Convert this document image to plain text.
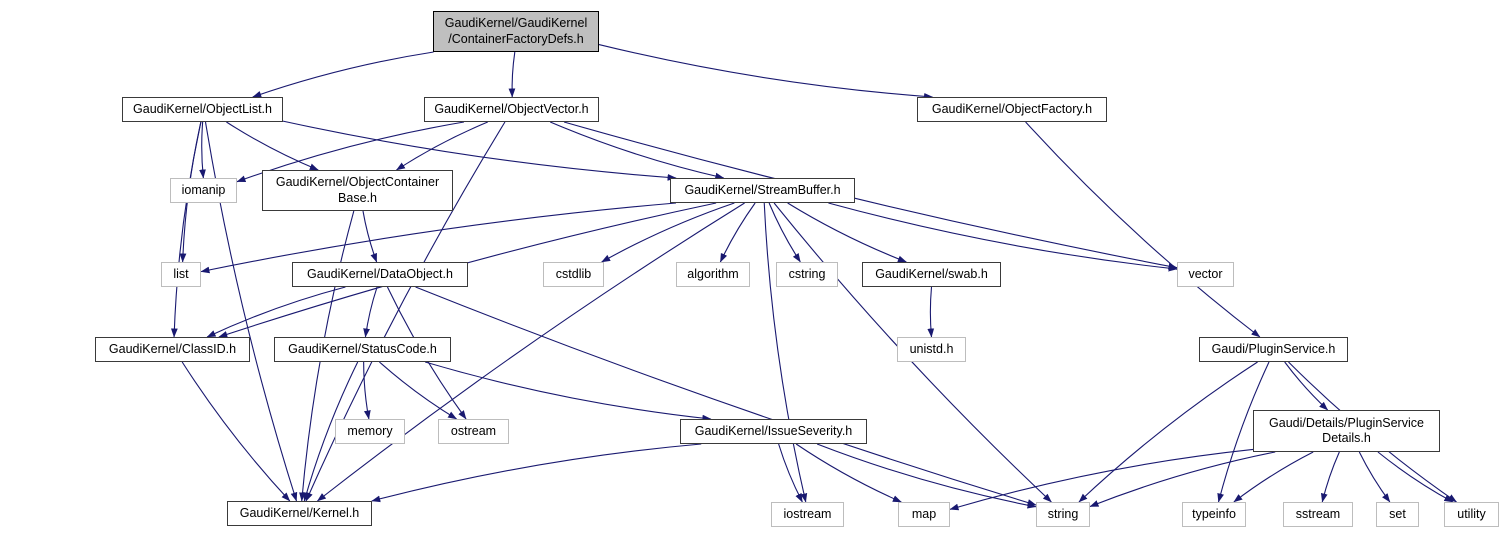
GaudiKernel/GaudiKernel
/ContainerFactoryDefs.h
GaudiKernel/ObjectList.h	GaudiKernel/ObjectVector.h	GaudiKernel/ObjectFactory.h
iomanip
GaudiKernel/ObjectContainer
Base.h
GaudiKernel/StreamBuffer.h
list	GaudiKernel/DataObject.h	cstdlib	algorithm	cstring	GaudiKernel/swab.h	vector
GaudiKernel/ClassID.h	GaudiKernel/StatusCode.h	unistd.h	Gaudi/PluginService.h
memory	ostream	GaudiKernel/IssueSeverity.h
Gaudi/Details/PluginService
Details.h
GaudiKernel/Kernel.h	iostream	map	string	typeinfo	sstream	set	utility
